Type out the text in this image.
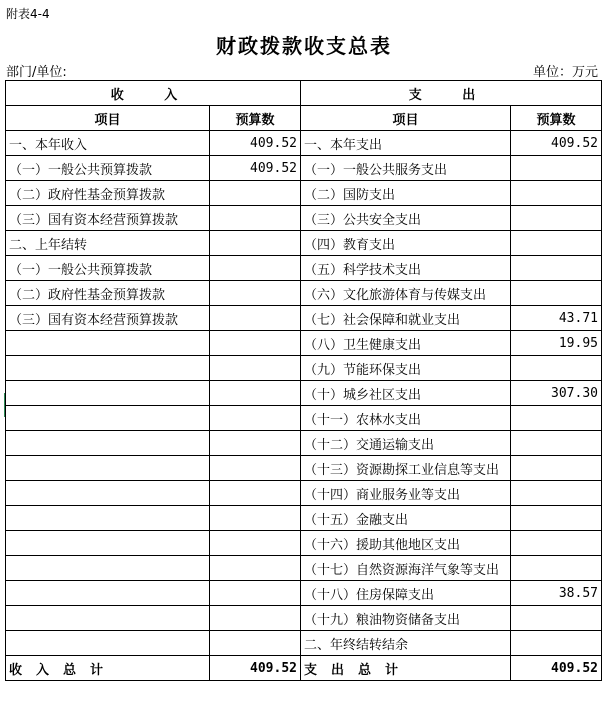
附表4-4
财政拨款收支总表
部门/单位:	单位：万元
收 入		支 出	
项目	预算数	项目	预算数
一、本年收入	409.52	一、本年支出	409.52
（一）一般公共预算拨款	409.52	（一）一般公共服务支出	
（二）政府性基金预算拨款		（二）国防支出	
（三）国有资本经营预算拨款		（三）公共安全支出	
二、上年结转		（四）教育支出	
（一）一般公共预算拨款		（五）科学技术支出	
（二）政府性基金预算拨款		（六）文化旅游体育与传媒支出	
（三）国有资本经营预算拨款		（七）社会保障和就业支出	43.71
		（八）卫生健康支出	19.95
		（九）节能环保支出	
		（十）城乡社区支出	307.30
		（十一）农林水支出	
		（十二）交通运输支出	
		（十三）资源勘探工业信息等支出	
		（十四）商业服务业等支出	
		（十五）金融支出	
		（十六）援助其他地区支出	
		（十七）自然资源海洋气象等支出	
		（十八）住房保障支出	38.57
		（十九）粮油物资储备支出	
		二、年终结转结余	
收入总计	409.52	支出总计	409.52
